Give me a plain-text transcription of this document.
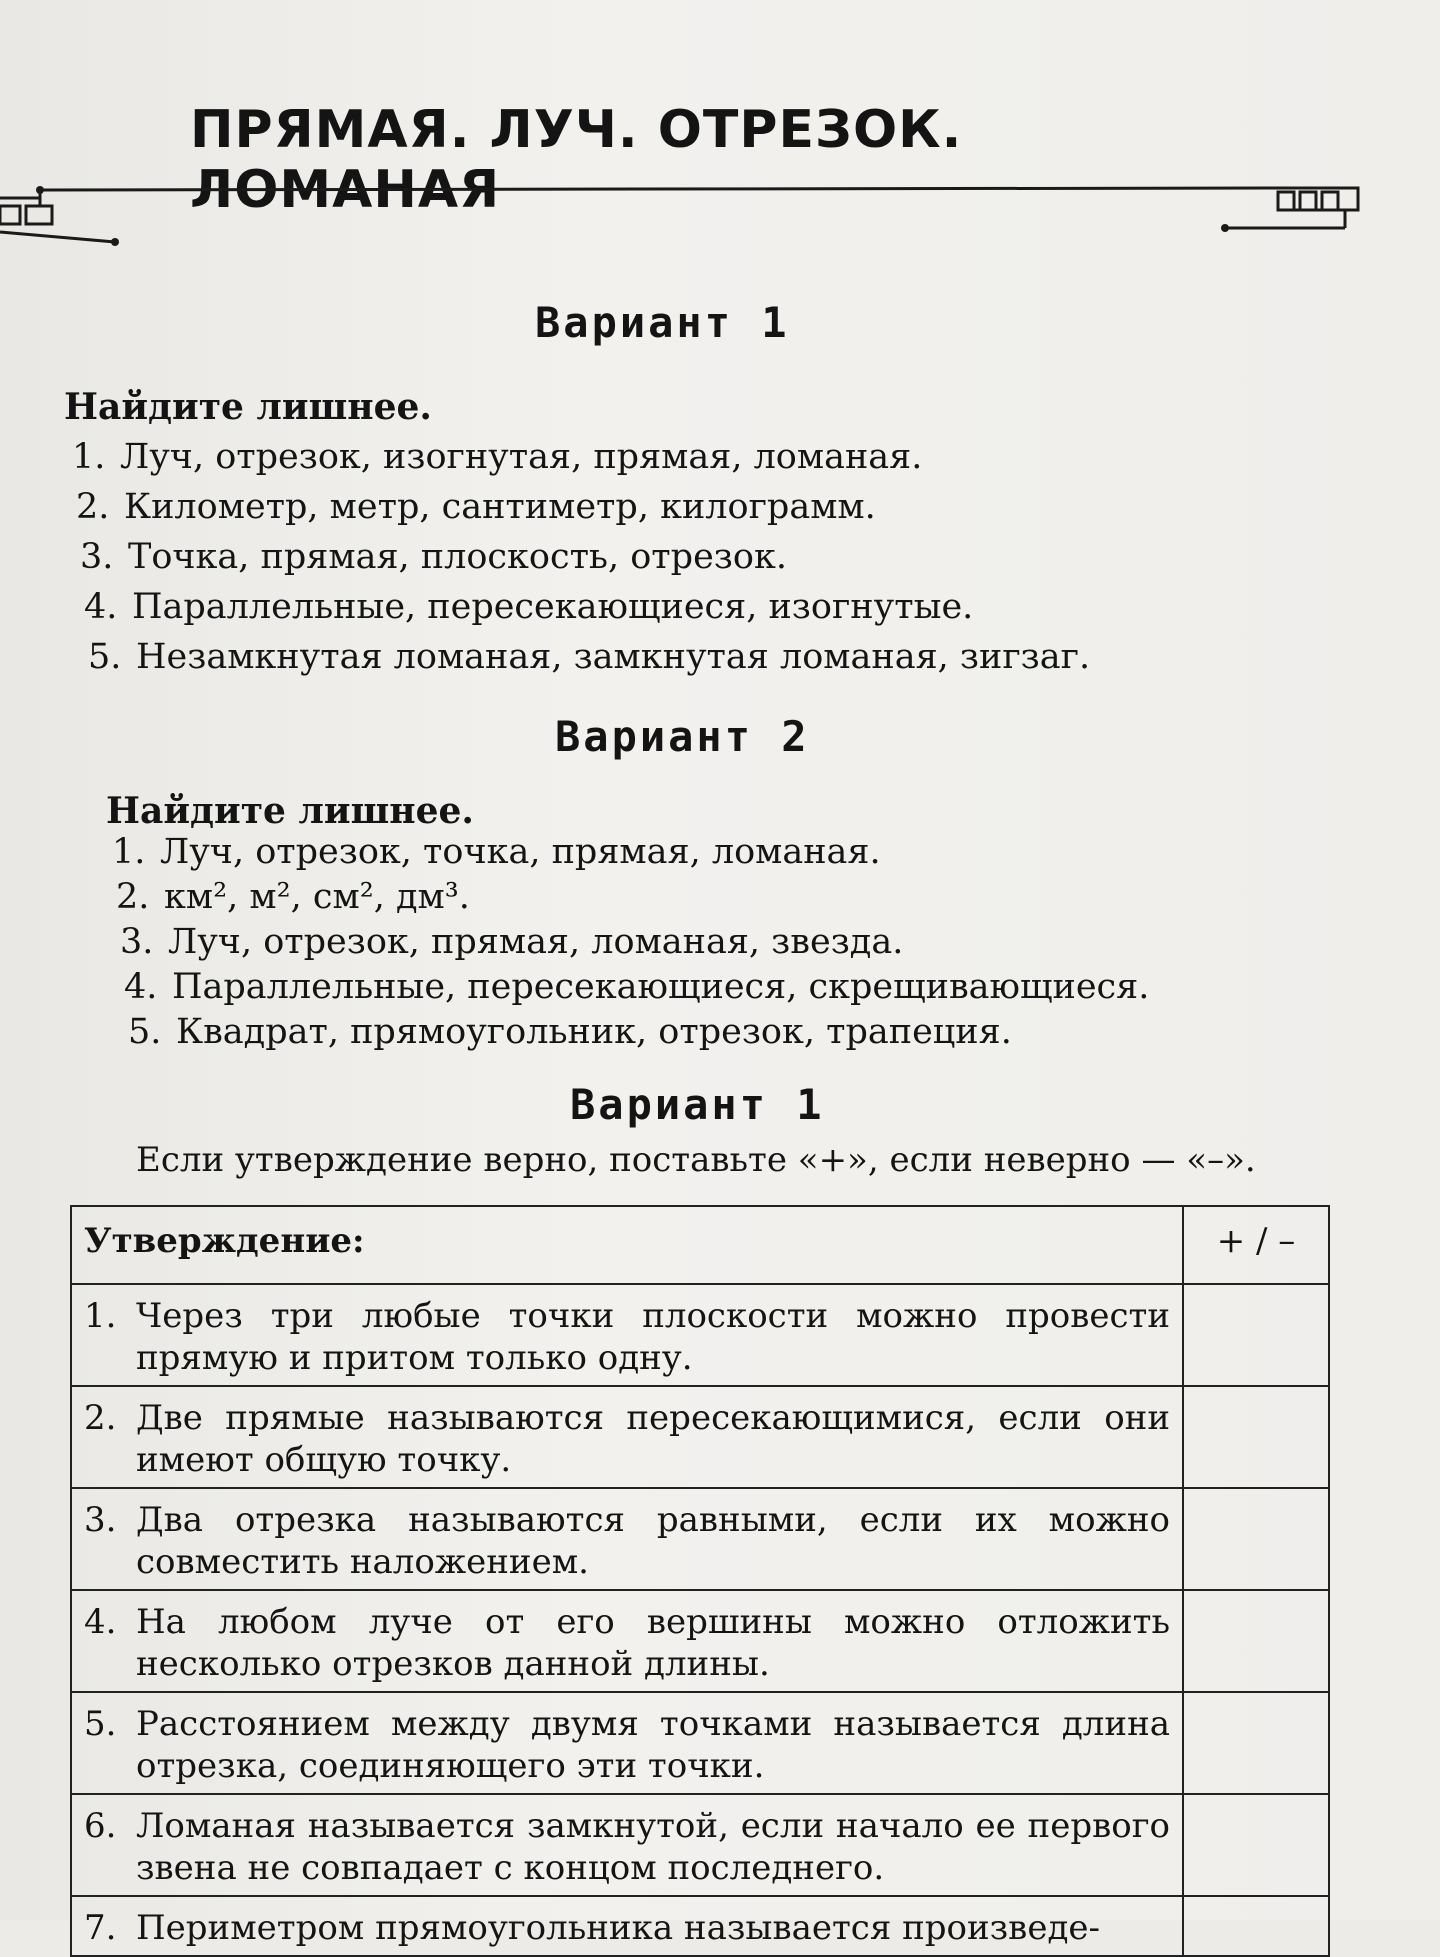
ПРЯМАЯ. ЛУЧ. ОТРЕЗОК. ЛОМАНАЯ
Вариант 1
Найдите лишнее.
1. Луч, отрезок, изогнутая, прямая, ломаная.
2. Километр, метр, сантиметр, килограмм.
3. Точка, прямая, плоскость, отрезок.
4. Параллельные, пересекающиеся, изогнутые.
5. Незамкнутая ломаная, замкнутая ломаная, зигзаг.
Вариант 2
Найдите лишнее.
1. Луч, отрезок, точка, прямая, ломаная.
2. км², м², см², дм³.
3. Луч, отрезок, прямая, ломаная, звезда.
4. Параллельные, пересекающиеся, скрещивающиеся.
5. Квадрат, прямоугольник, отрезок, трапеция.
Вариант 1
Если утверждение верно, поставьте «+», если неверно — «–».
Утверждение:	+ / –

1. Через три любые точки плоскости можно провести прямую и притом только одну.	

2. Две прямые называются пересекающимися, если они имеют общую точку.	

3. Два отрезка называются равными, если их можно совместить наложением.	

4. На любом луче от его вершины можно отложить несколько отрезков данной длины.	

5. Расстоянием между двумя точками называется длина отрезка, соединяющего эти точки.	

6. Ломаная называется замкнутой, если начало ее первого звена не совпадает с концом последнего.	

7. Периметром прямоугольника называется произведе-	
